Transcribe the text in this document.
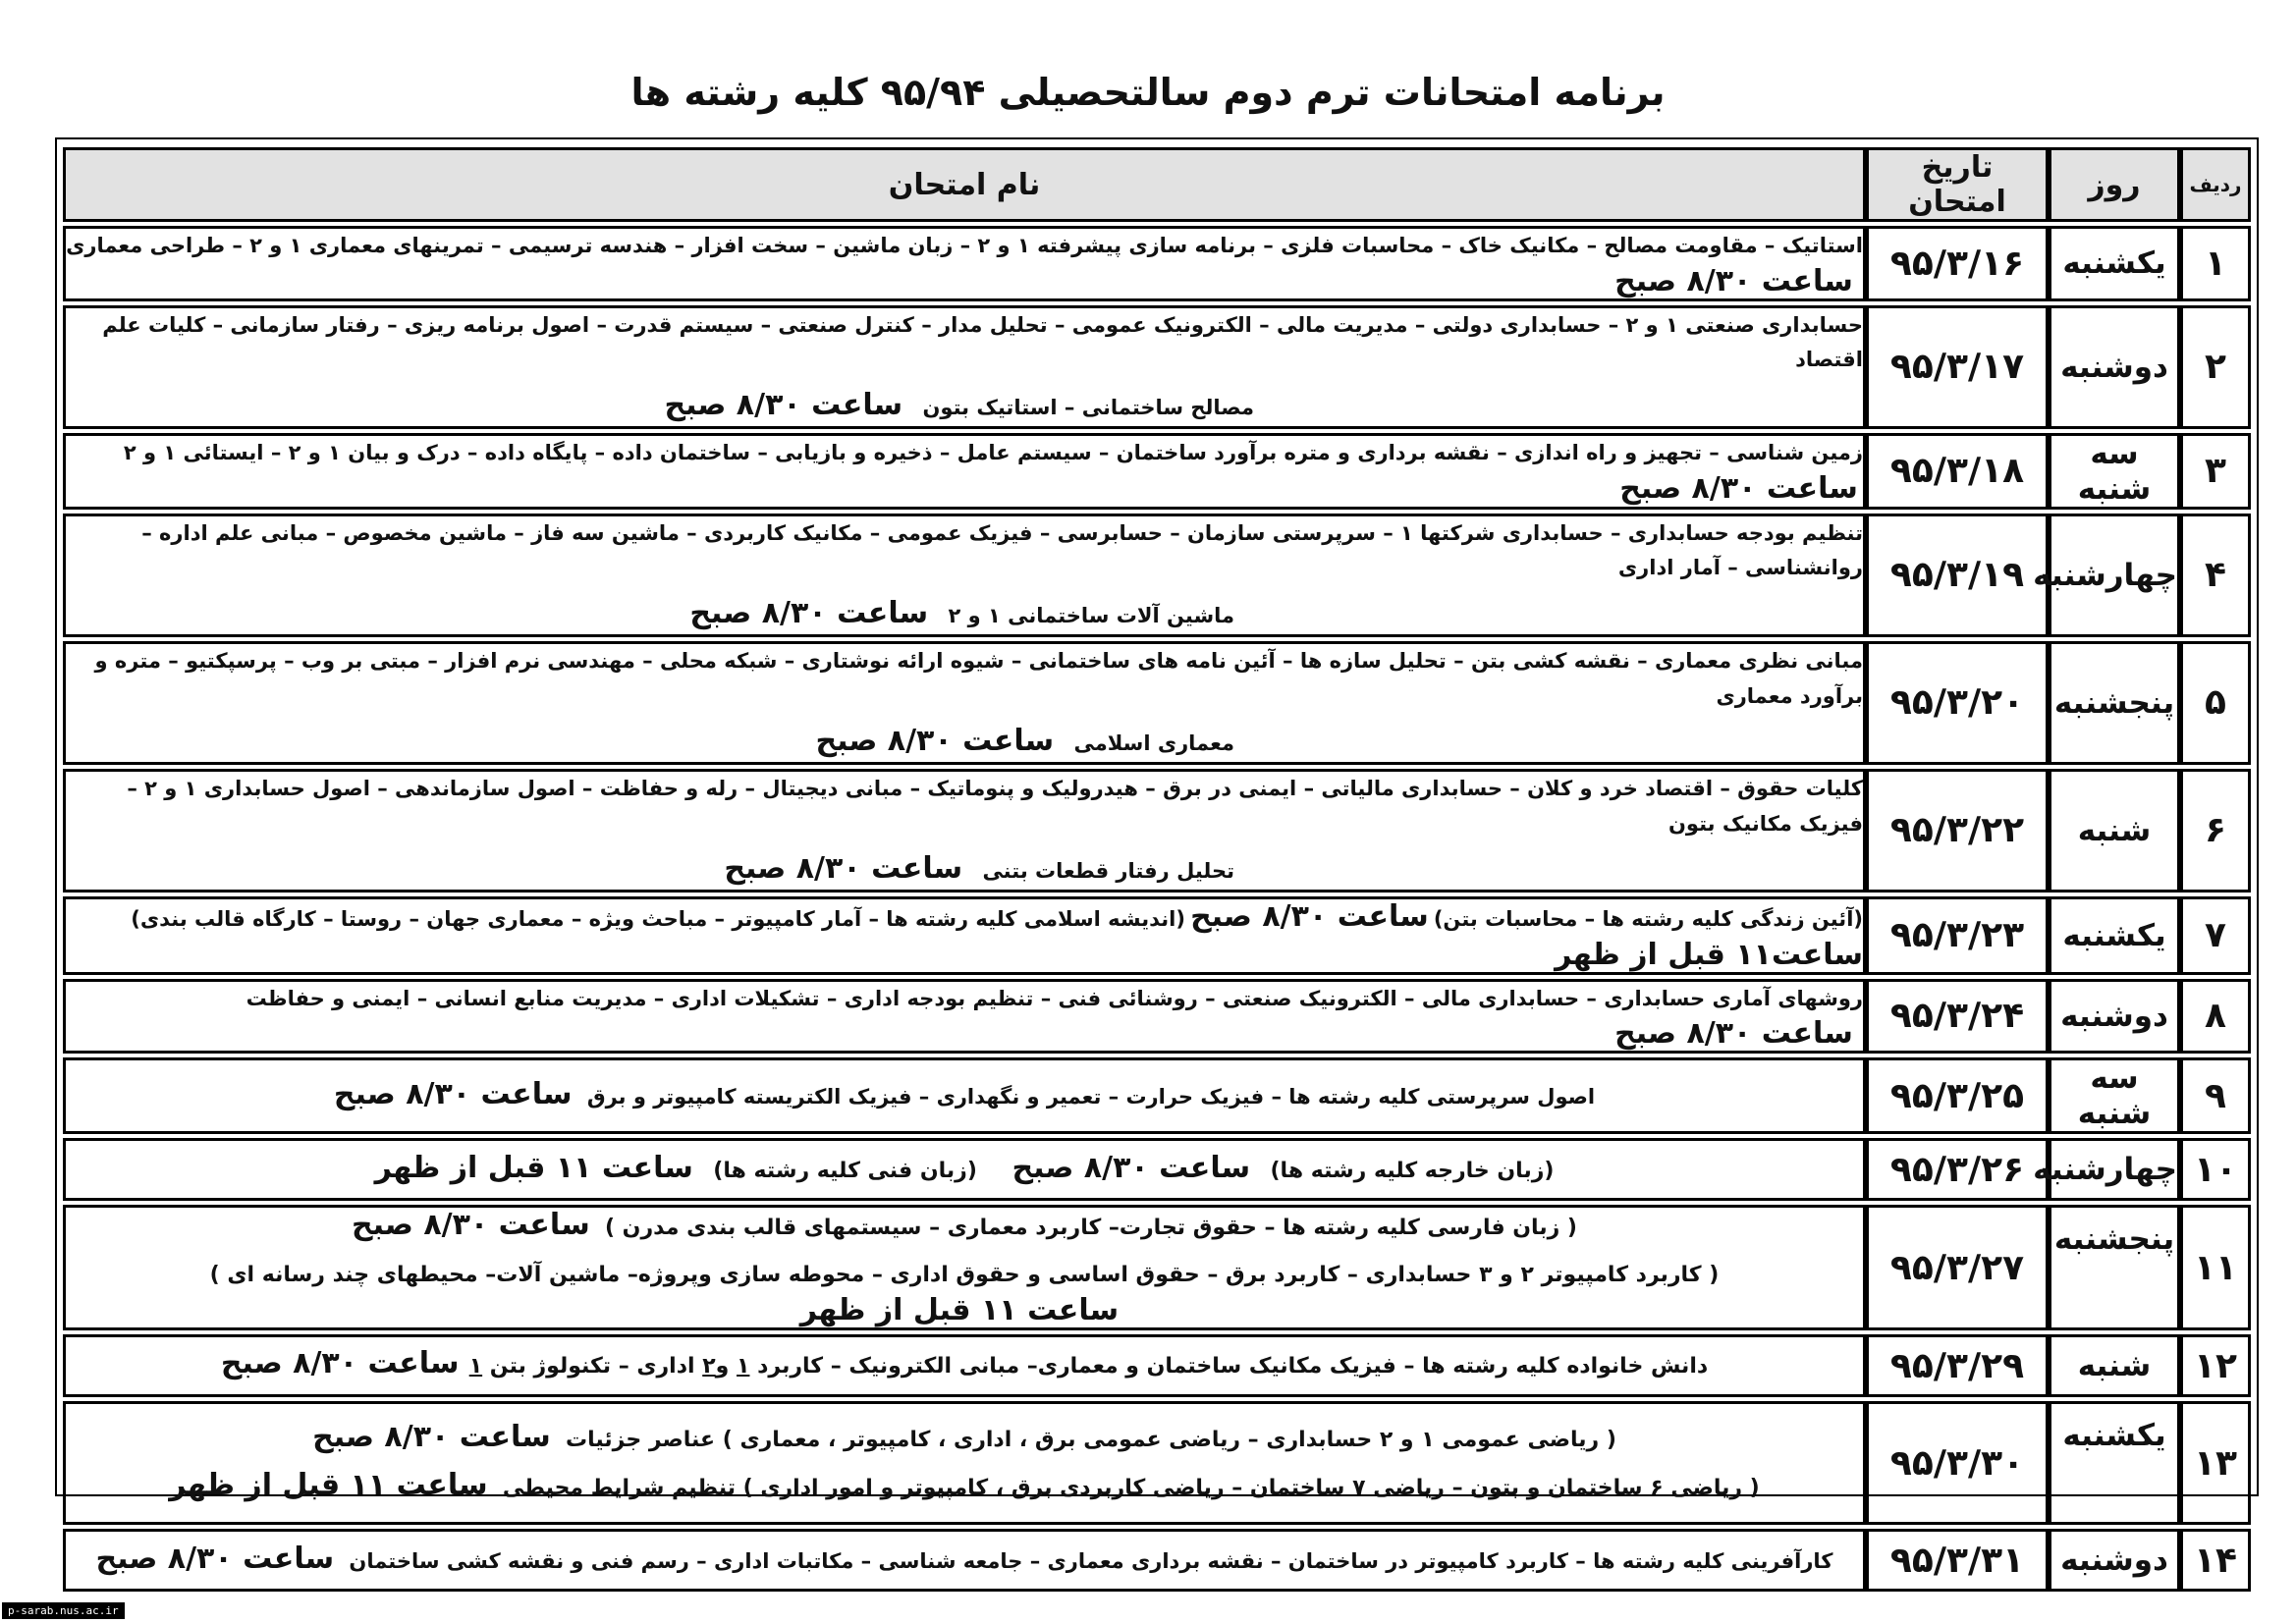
برنامه امتحانات ترم دوم سالتحصیلی ۹۵/۹۴ کلیه رشته ها
ردیف	روز	تاریخ امتحان	نام امتحان
۱	یکشنبه	۹۵/۳/۱۶	استاتیک – مقاومت مصالح – مکانیک خاک – محاسبات فلزی – برنامه سازی پیشرفته ۱ و ۲ – زبان ماشین – سخت افزار – هندسه ترسیمی – تمرینهای معماری ۱ و ۲ – طراحی معماری   ساعت ۸/۳۰ صبح
۲	دوشنبه	۹۵/۳/۱۷	حسابداری صنعتی ۱ و ۲ – حسابداری دولتی – مدیریت مالی – الکترونیک عمومی – تحلیل مدار – کنترل صنعتی – سیستم قدرت – اصول برنامه ریزی – رفتار سازمانی – کلیات علم اقتصاد
مصالح ساختمانی – استاتیک بتون    ساعت ۸/۳۰ صبح

۳	سه شنبه	۹۵/۳/۱۸	زمین شناسی – تجهیز و راه اندازی – نقشه برداری و متره برآورد ساختمان – سیستم عامل – ذخیره و بازیابی – ساختمان داده – پایگاه داده – درک و بیان ۱ و ۲ – ایستائی ۱ و ۲  ساعت ۸/۳۰ صبح
۴	چهارشنبه	۹۵/۳/۱۹	تنظیم بودجه حسابداری – حسابداری شرکتها ۱ – سرپرستی سازمان – حسابرسی – فیزیک عمومی – مکانیک کاربردی – ماشین سه فاز – ماشین مخصوص – مبانی علم اداره – روانشناسی – آمار اداری
ماشین آلات ساختمانی ۱ و ۲    ساعت ۸/۳۰ صبح

۵	پنجشنبه	۹۵/۳/۲۰	مبانی نظری معماری – نقشه کشی بتن – تحلیل سازه ها – آئین نامه های ساختمانی – شیوه ارائه نوشتاری – شبکه محلی – مهندسی نرم افزار – مبتی بر وب – پرسپکتیو – متره و برآورد معماری
معماری اسلامی    ساعت ۸/۳۰ صبح

۶	شنبه	۹۵/۳/۲۲	کلیات حقوق – اقتصاد خرد و کلان – حسابداری مالیاتی – ایمنی در برق – هیدرولیک و پنوماتیک – مبانی دیجیتال – رله و حفاظت – اصول سازماندهی – اصول حسابداری ۱ و ۲ – فیزیک مکانیک بتون
تحلیل رفتار قطعات بتنی    ساعت ۸/۳۰ صبح

۷	یکشنبه	۹۵/۳/۲۳	(آئین زندگی کلیه رشته ها – محاسبات بتن) ساعت ۸/۳۰ صبح (اندیشه اسلامی کلیه رشته ها – آمار کامپیوتر – مباحث ویژه – معماری جهان – روستا – کارگاه قالب بندی) ساعت۱۱ قبل از ظهر
۸	دوشنبه	۹۵/۳/۲۴	روشهای آماری حسابداری – حسابداری مالی – الکترونیک صنعتی – روشنائی فنی – تنظیم بودجه اداری – تشکیلات اداری – مدیریت منابع انسانی – ایمنی و حفاظت   ساعت ۸/۳۰ صبح
۹	سه شنبه	۹۵/۳/۲۵	اصول سرپرستی کلیه رشته ها – فیزیک حرارت – تعمیر و نگهداری – فیزیک الکتریسته کامپیوتر و برق   ساعت ۸/۳۰ صبح
۱۰	چهارشنبه	۹۵/۳/۲۶	(زبان خارجه کلیه رشته ها)    ساعت ۸/۳۰ صبح       (زبان فنی کلیه رشته ها)    ساعت ۱۱ قبل از ظهر
۱۱	پنجشنبه	۹۵/۳/۲۷	( زبان فارسی کلیه رشته ها – حقوق تجارت– کاربرد معماری – سیستمهای قالب بندی مدرن )   ساعت ۸/۳۰ صبح
( کاربرد کامپیوتر ۲ و ۳ حسابداری – کاربرد برق – حقوق اساسی و حقوق اداری – محوطه سازی وپروژه– ماشین آلات– محیطهای چند رسانه ای )   ساعت ۱۱ قبل از ظهر

۱۲	شنبه	۹۵/۳/۲۹	دانش خانواده کلیه رشته ها – فیزیک مکانیک ساختمان و معماری– مبانی الکترونیک – کاربرد ۱ و۲ اداری – تکنولوژ بتن ۱  ساعت ۸/۳۰ صبح
۱۳	یکشنبه	۹۵/۳/۳۰	( ریاضی عمومی ۱ و ۲ حسابداری – ریاضی عمومی برق ، اداری ، کامپیوتر ، معماری ) عناصر جزئیات   ساعت ۸/۳۰ صبح
( ریاضی ۶ ساختمان و بتون – ریاضی ۷ ساختمان – ریاضی کاربردی برق ، کامپیوتر و امور اداری ) تنظیم شرایط محیطی   ساعت ۱۱ قبل از ظهر

۱۴	دوشنبه	۹۵/۳/۳۱	کارآفرینی کلیه رشته ها – کاربرد کامپیوتر در ساختمان – نقشه برداری معماری – جامعه شناسی – مکاتبات اداری – رسم فنی و نقشه کشی ساختمان   ساعت ۸/۳۰ صبح
p-sarab.nus.ac.ir
